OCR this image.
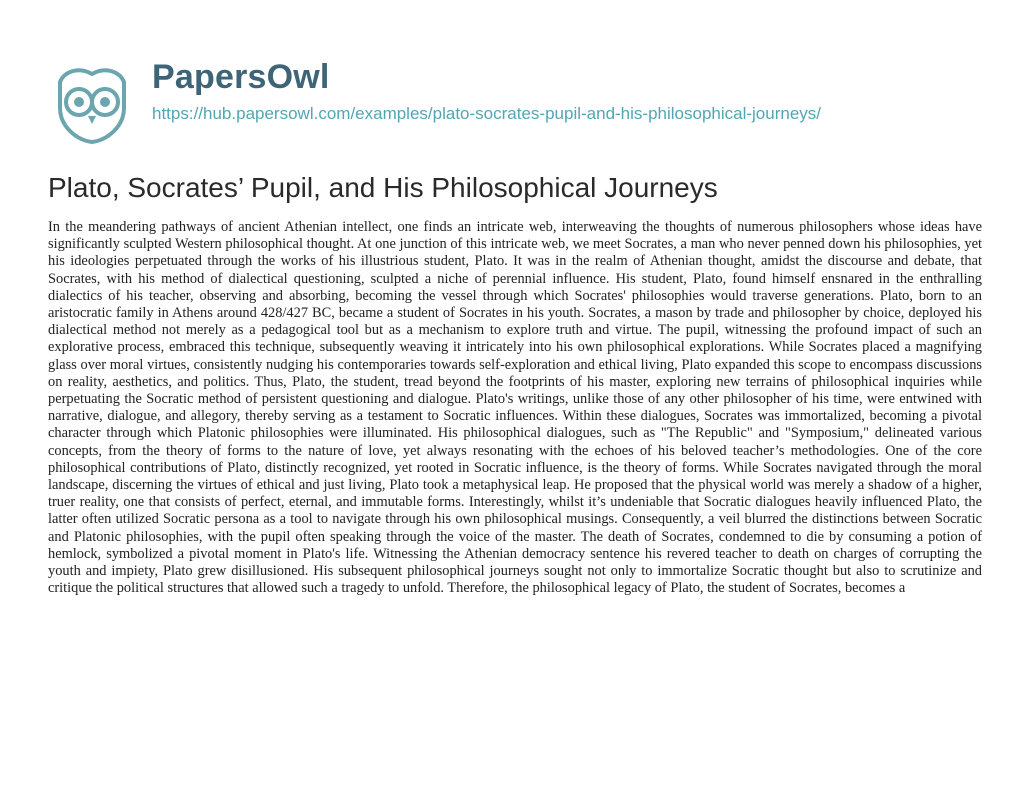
PapersOwl
https://hub.papersowl.com/examples/plato-socrates-pupil-and-his-philosophical-journeys/
Plato, Socrates’ Pupil, and His Philosophical Journeys

In the meandering pathways of ancient Athenian intellect, one finds an intricate web, interweaving the thoughts of numerous philosophers whose ideas have significantly sculpted Western philosophical thought. At one junction of this intricate web, we meet Socrates, a man who never penned down his philosophies, yet his ideologies perpetuated through the works of his illustrious student, Plato. It was in the realm of Athenian thought, amidst the discourse and debate, that Socrates, with his method of dialectical questioning, sculpted a niche of perennial influence. His student, Plato, found himself ensnared in the enthralling dialectics of his teacher, observing and absorbing, becoming the vessel through which Socrates' philosophies would traverse generations. Plato, born to an aristocratic family in Athens around 428/427 BC, became a student of Socrates in his youth. Socrates, a mason by trade and philosopher by choice, deployed his dialectical method not merely as a pedagogical tool but as a mechanism to explore truth and virtue. The pupil, witnessing the profound impact of such an explorative process, embraced this technique, subsequently weaving it intricately into his own philosophical explorations. While Socrates placed a magnifying glass over moral virtues, consistently nudging his contemporaries towards self-exploration and ethical living, Plato expanded this scope to encompass discussions on reality, aesthetics, and politics. Thus, Plato, the student, tread beyond the footprints of his master, exploring new terrains of philosophical inquiries while perpetuating the Socratic method of persistent questioning and dialogue. Plato's writings, unlike those of any other philosopher of his time, were entwined with narrative, dialogue, and allegory, thereby serving as a testament to Socratic influences. Within these dialogues, Socrates was immortalized, becoming a pivotal character through which Platonic philosophies were illuminated. His philosophical dialogues, such as "The Republic" and "Symposium," delineated various concepts, from the theory of forms to the nature of love, yet always resonating with the echoes of his beloved teacher’s methodologies. One of the core philosophical contributions of Plato, distinctly recognized, yet rooted in Socratic influence, is the theory of forms. While Socrates navigated through the moral landscape, discerning the virtues of ethical and just living, Plato took a metaphysical leap. He proposed that the physical world was merely a shadow of a higher, truer reality, one that consists of perfect, eternal, and immutable forms. Interestingly, whilst it’s undeniable that Socratic dialogues heavily influenced Plato, the latter often utilized Socratic persona as a tool to navigate through his own philosophical musings. Consequently, a veil blurred the distinctions between Socratic and Platonic philosophies, with the pupil often speaking through the voice of the master. The death of Socrates, condemned to die by consuming a potion of hemlock, symbolized a pivotal moment in Plato's life. Witnessing the Athenian democracy sentence his revered teacher to death on charges of corrupting the youth and impiety, Plato grew disillusioned. His subsequent philosophical journeys sought not only to immortalize Socratic thought but also to scrutinize and critique the political structures that allowed such a tragedy to unfold. Therefore, the philosophical legacy of Plato, the student of Socrates, becomes a
